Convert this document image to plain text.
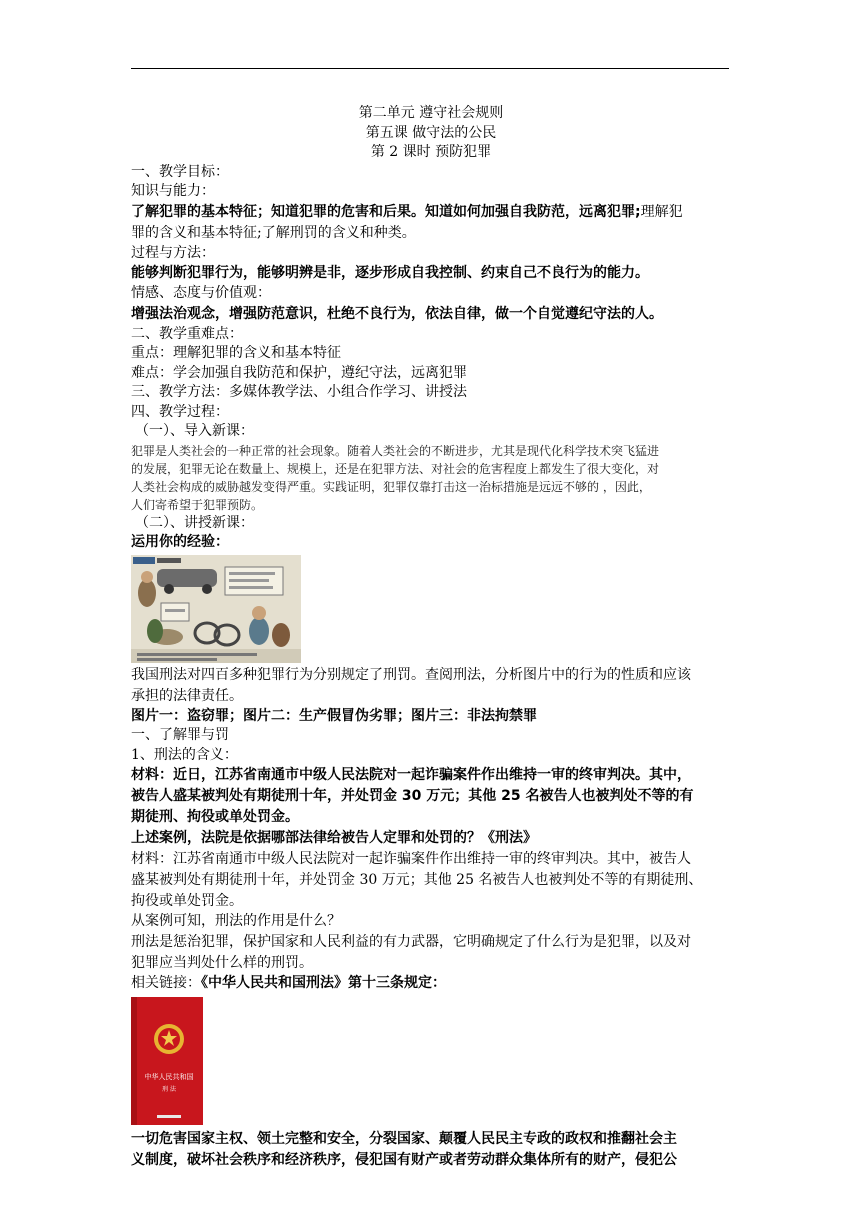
第二单元 遵守社会规则
第五课 做守法的公民
第 2 课时 预防犯罪
一、教学目标：
知识与能力：
了解犯罪的基本特征；知道犯罪的危害和后果。知道如何加强自我防范，远离犯罪;理解犯
罪的含义和基本特征;了解刑罚的含义和种类。
过程与方法：
能够判断犯罪行为，能够明辨是非，逐步形成自我控制、约束自己不良行为的能力。
情感、态度与价值观：
增强法治观念，增强防范意识，杜绝不良行为，依法自律，做一个自觉遵纪守法的人。
二、教学重难点：
重点：理解犯罪的含义和基本特征
难点：学会加强自我防范和保护，遵纪守法，远离犯罪
三、教学方法：多媒体教学法、小组合作学习、讲授法
四、教学过程：
（一）、导入新课：
犯罪是人类社会的一种正常的社会现象。随着人类社会的不断进步，尤其是现代化科学技术突飞猛进
的发展，犯罪无论在数量上、规模上，还是在犯罪方法、对社会的危害程度上都发生了很大变化，对
人类社会构成的威胁越发变得严重。实践证明，犯罪仅靠打击这一治标措施是远远不够的 ，因此，
人们寄希望于犯罪预防。
（二）、讲授新课：
运用你的经验：
我国刑法对四百多种犯罪行为分别规定了刑罚。查阅刑法，分析图片中的行为的性质和应该
承担的法律责任。
图片一：盗窃罪；图片二：生产假冒伪劣罪；图片三：非法拘禁罪
一、了解罪与罚
1、刑法的含义：
材料：近日，江苏省南通市中级人民法院对一起诈骗案件作出维持一审的终审判决。其中，
被告人盛某被判处有期徒刑十年，并处罚金 30 万元；其他 25 名被告人也被判处不等的有
期徒刑、拘役或单处罚金。
上述案例，法院是依据哪部法律给被告人定罪和处罚的？《刑法》
材料：江苏省南通市中级人民法院对一起诈骗案件作出维持一审的终审判决。其中，被告人
盛某被判处有期徒刑十年，并处罚金 30 万元；其他 25 名被告人也被判处不等的有期徒刑、
拘役或单处罚金。
从案例可知，刑法的作用是什么？
刑法是惩治犯罪，保护国家和人民利益的有力武器，它明确规定了什么行为是犯罪，以及对
犯罪应当判处什么样的刑罚。
相关链接：《中华人民共和国刑法》第十三条规定：
中华人民共和国
刑 法
一切危害国家主权、领土完整和安全，分裂国家、颠覆人民民主专政的政权和推翻社会主
义制度，破坏社会秩序和经济秩序，侵犯国有财产或者劳动群众集体所有的财产，侵犯公
